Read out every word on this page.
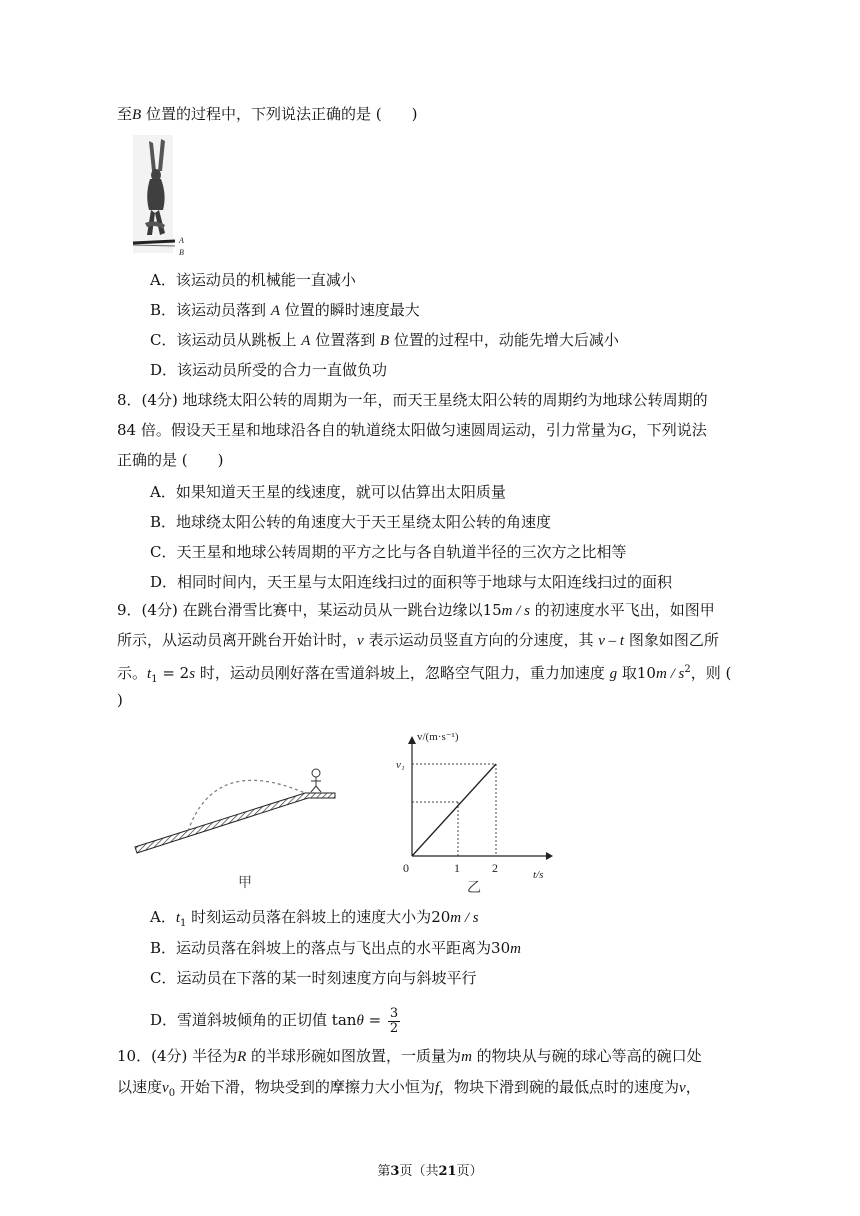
至B 位置的过程中，下列说法正确的是 (　　)
A
B
A．该运动员的机械能一直减小
B．该运动员落到 A 位置的瞬时速度最大
C．该运动员从跳板上 A 位置落到 B 位置的过程中，动能先增大后减小
D．该运动员所受的合力一直做负功
8．(4分) 地球绕太阳公转的周期为一年，而天王星绕太阳公转的周期约为地球公转周期的
84 倍。假设天王星和地球沿各自的轨道绕太阳做匀速圆周运动，引力常量为G，下列说法
正确的是 (　　)
A．如果知道天王星的线速度，就可以估算出太阳质量
B．地球绕太阳公转的角速度大于天王星绕太阳公转的角速度
C．天王星和地球公转周期的平方之比与各自轨道半径的三次方之比相等
D．相同时间内，天王星与太阳连线扫过的面积等于地球与太阳连线扫过的面积
9．(4分) 在跳台滑雪比赛中，某运动员从一跳台边缘以15m / s 的初速度水平飞出，如图甲
所示，从运动员离开跳台开始计时，v 表示运动员竖直方向的分速度，其 v – t 图象如图乙所
示。$t_1 = 2s$ 时，运动员刚好落在雪道斜坡上，忽略空气阻力，重力加速度 g 取$10m / s^2$，则 (
)
甲
v/(m·s⁻¹)
t/s
v₁
0	1	2
乙
A．$t_1$ 时刻运动员落在斜坡上的速度大小为20m / s
B．运动员落在斜坡上的落点与飞出点的水平距离为30m
C．运动员在下落的某一时刻速度方向与斜坡平行
D．雪道斜坡倾角的正切值 $\tan\theta = \frac{3}{2}$
10．(4分) 半径为R 的半球形碗如图放置，一质量为m 的物块从与碗的球心等高的碗口处
以速度$v_0$ 开始下滑，物块受到的摩擦力大小恒为f，物块下滑到碗的最低点时的速度为v，
第3页（共21页）
